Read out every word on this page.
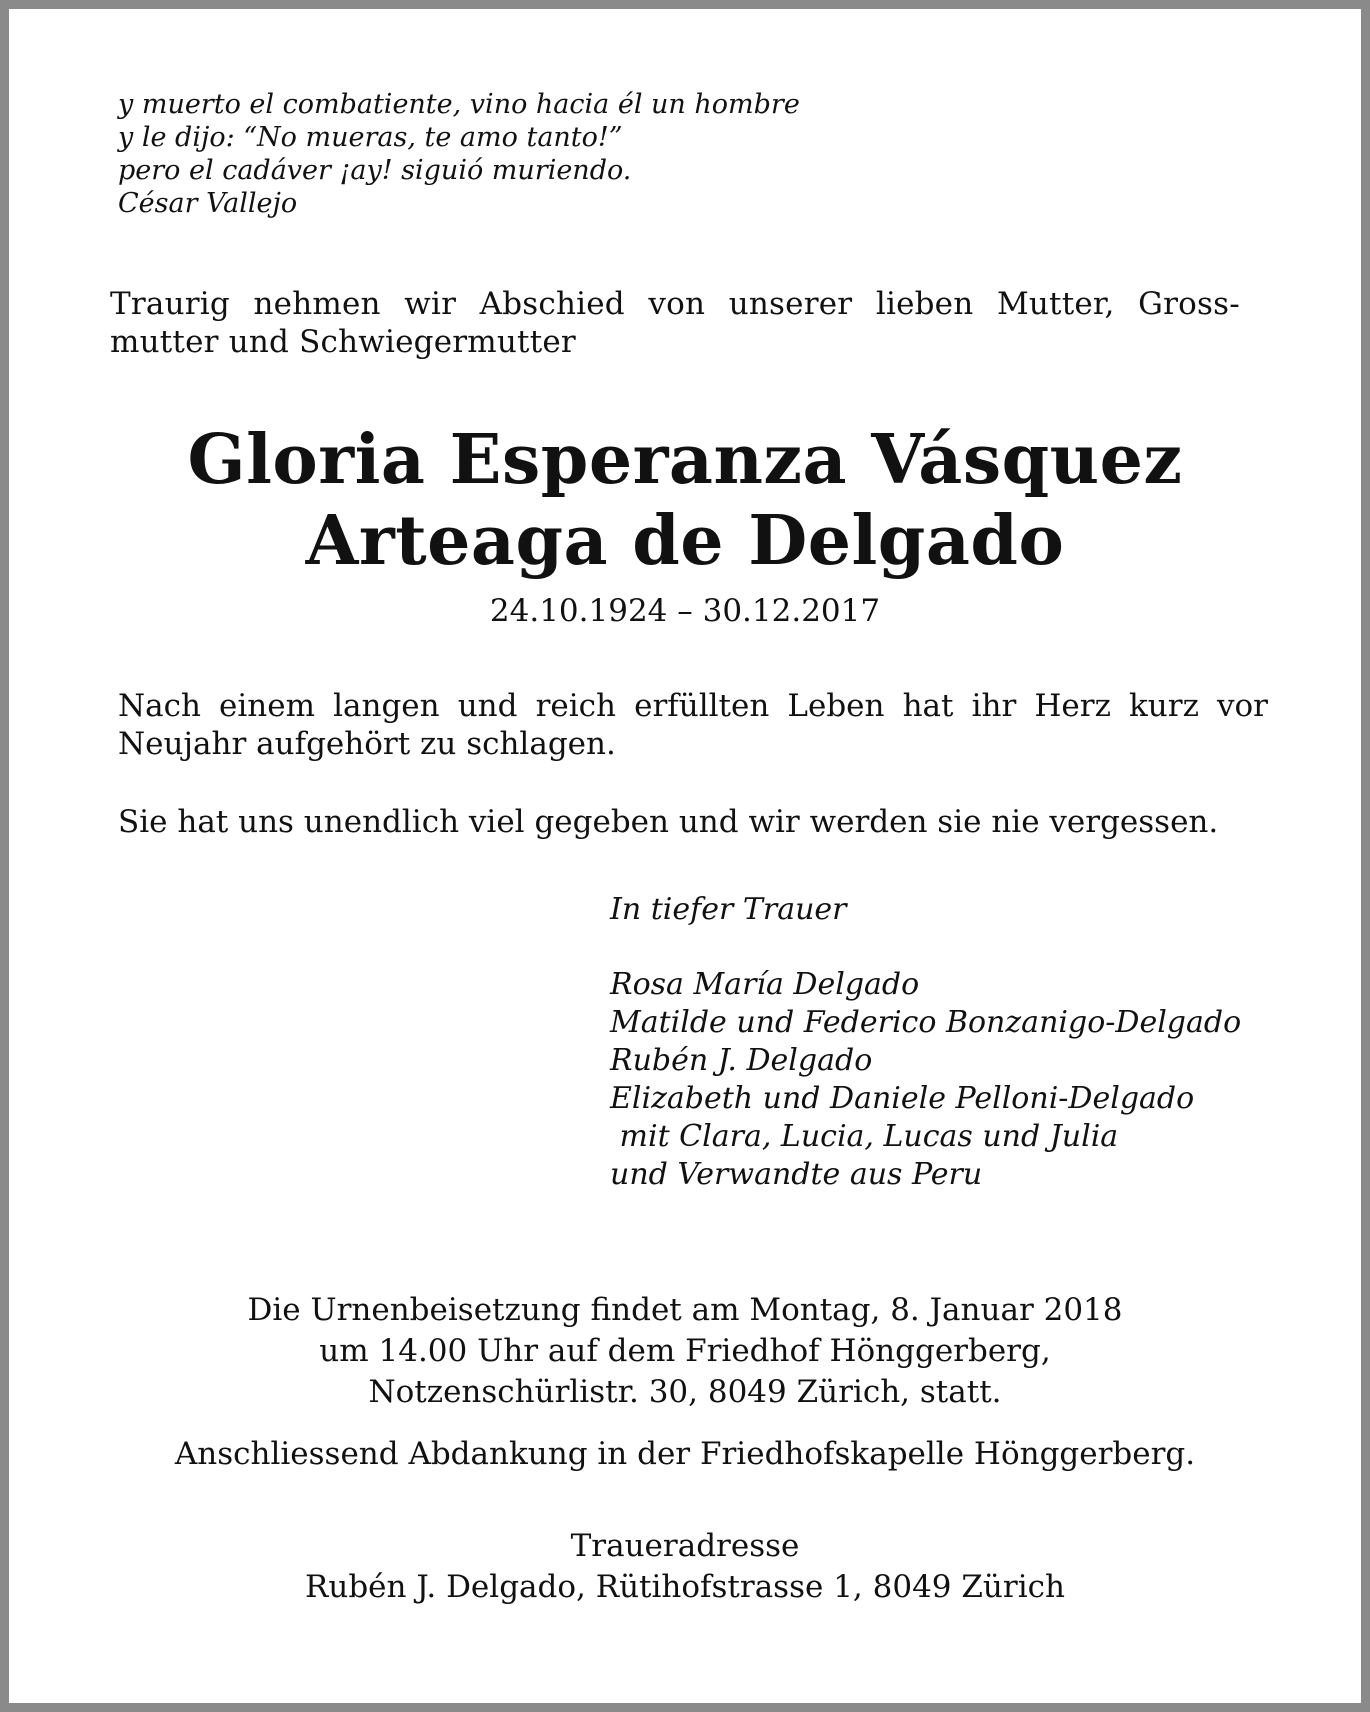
y muerto el combatiente, vino hacia él un hombre
y le dijo: “No mueras, te amo tanto!”
pero el cadáver ¡ay! siguió muriendo.
César Vallejo
Traurig nehmen wir Abschied von unserer lieben Mutter, Gross-
mutter und Schwiegermutter
Gloria Esperanza Vásquez
Arteaga de Delgado
24.10.1924 – 30.12.2017
Nach einem langen und reich erfüllten Leben hat ihr Herz kurz vor
Neujahr aufgehört zu schlagen.
Sie hat uns unendlich viel gegeben und wir werden sie nie vergessen.
In tiefer Trauer
Rosa María Delgado
Matilde und Federico Bonzanigo-Delgado
Rubén J. Delgado
Elizabeth und Daniele Pelloni-Delgado
mit Clara, Lucia, Lucas und Julia
und Verwandte aus Peru
Die Urnenbeisetzung findet am Montag, 8. Januar 2018
um 14.00 Uhr auf dem Friedhof Hönggerberg,
Notzenschürlistr. 30, 8049 Zürich, statt.
Anschliessend Abdankung in der Friedhofskapelle Hönggerberg.
Traueradresse
Rubén J. Delgado, Rütihofstrasse 1, 8049 Zürich
